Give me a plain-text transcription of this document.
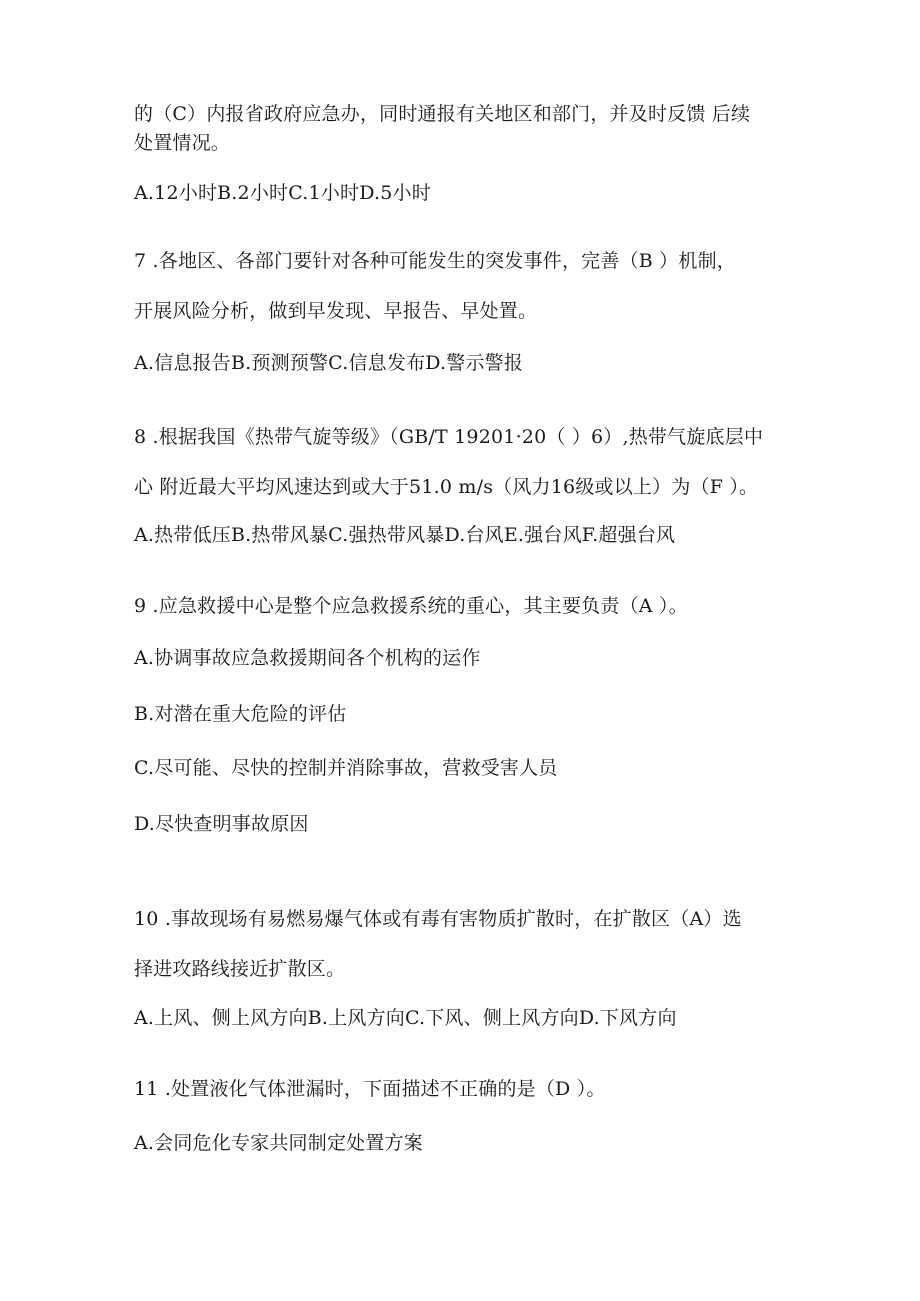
的（C）内报省政府应急办，同时通报有关地区和部门，并及时反馈 后续
处置情况。
A.12小时B.2小时C.1小时D.5小时
7 .各地区、各部门要针对各种可能发生的突发事件，完善（B ）机制，
开展风险分析，做到早发现、早报告、早处置。
A.信息报告B.预测预警C.信息发布D.警示警报
8 .根据我国《热带气旋等级》（GB/T 19201·20（ ）6）,热带气旋底层中
心 附近最大平均风速达到或大于51.0 m/s（风力16级或以上）为（F ）。
A.热带低压B.热带风暴C.强热带风暴D.台风E.强台风F.超强台风
9 .应急救援中心是整个应急救援系统的重心，其主要负责（A ）。
A.协调事故应急救援期间各个机构的运作
B.对潜在重大危险的评估
C.尽可能、尽快的控制并消除事故，营救受害人员
D.尽快查明事故原因
10 .事故现场有易燃易爆气体或有毒有害物质扩散时，在扩散区（A）选
择进攻路线接近扩散区。
A.上风、侧上风方向B.上风方向C.下风、侧上风方向D.下风方向
11 .处置液化气体泄漏时，下面描述不正确的是（D ）。
A.会同危化专家共同制定处置方案
